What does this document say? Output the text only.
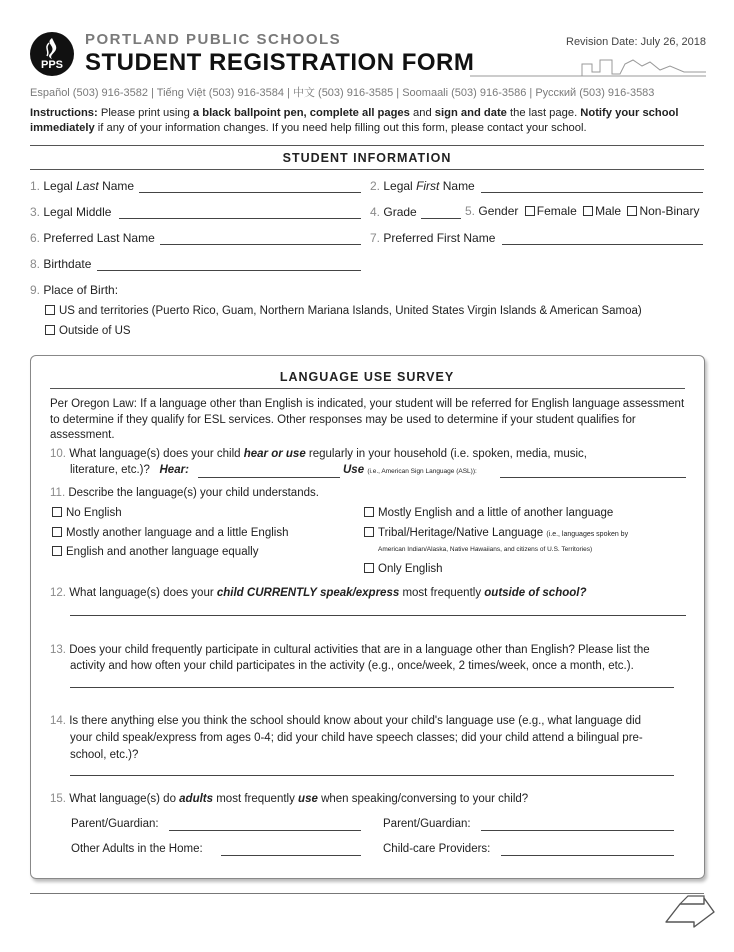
PPS
PORTLAND PUBLIC SCHOOLS
STUDENT REGISTRATION FORM
Revision Date: July 26, 2018
Español (503) 916-3582 | Tiếng Việt (503) 916-3584 | 中文 (503) 916-3585 | Soomaali (503) 916-3586 | Русский (503) 916-3583
Instructions: Please print using a black ballpoint pen, complete all pages and sign and date the last page. Notify your school immediately if any of your information changes. If you need help filling out this form, please contact your school.
STUDENT INFORMATION
1. Legal Last Name	2. Legal First Name
3. Legal Middle	4. Grade	5. Gender Female Male Non-Binary
6. Preferred Last Name	7. Preferred First Name
8. Birthdate
9. Place of Birth:
US and territories (Puerto Rico, Guam, Northern Mariana Islands, United States Virgin Islands & American Samoa)
Outside of US
LANGUAGE USE SURVEY
Per Oregon Law: If a language other than English is indicated, your student will be referred for English language assessment to determine if they qualify for ESL services. Other responses may be used to determine if your student qualifies for assessment.
10. What language(s) does your child hear or use regularly in your household (i.e. spoken, media, music,
literature, etc.)? Hear:	Use (i.e., American Sign Language (ASL)):
11. Describe the language(s) your child understands.
No English
Mostly another language and a little English
English and another language equally
Mostly English and a little of another language
Tribal/Heritage/Native Language (i.e., languages spoken by
American Indian/Alaska, Native Hawaiians, and citizens of U.S. Territories)
Only English
12. What language(s) does your child CURRENTLY speak/express most frequently outside of school?
13. Does your child frequently participate in cultural activities that are in a language other than English? Please list the
activity and how often your child participates in the activity (e.g., once/week, 2 times/week, once a month, etc.).
14. Is there anything else you think the school should know about your child's language use (e.g., what language did
your child speak/express from ages 0-4; did your child have speech classes; did your child attend a bilingual pre-
school, etc.)?
15. What language(s) do adults most frequently use when speaking/conversing to your child?
Parent/Guardian:	Parent/Guardian:
Other Adults in the Home:	Child-care Providers:
